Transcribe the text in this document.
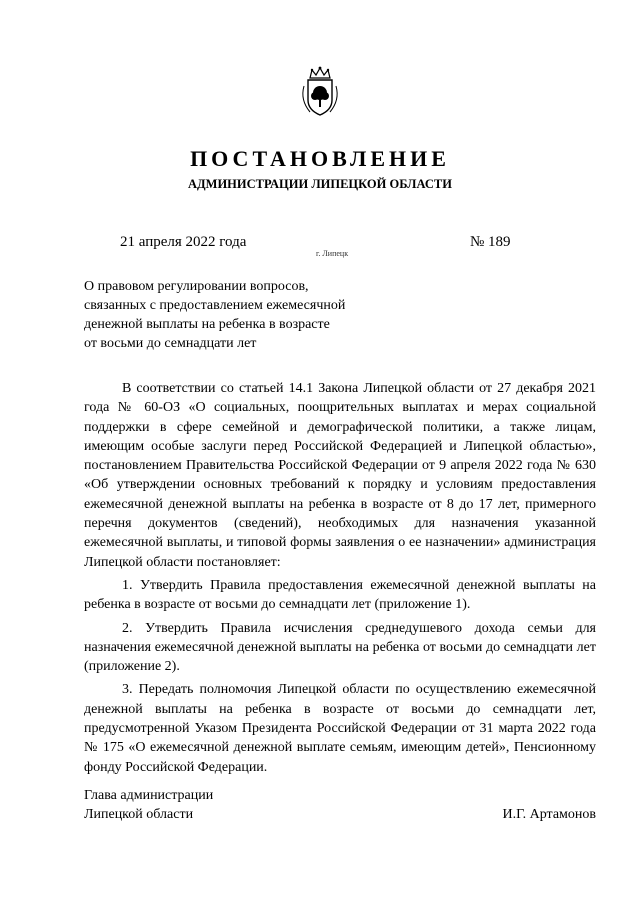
ПОСТАНОВЛЕНИЕ
АДМИНИСТРАЦИИ ЛИПЕЦКОЙ ОБЛАСТИ
21 апреля 2022 года
г. Липецк
№ 189
О правовом регулировании вопросов,
связанных с предоставлением ежемесячной
денежной выплаты на ребенка в возрасте
от восьми до семнадцати лет

В соответствии со статьей 14.1 Закона Липецкой области от 27 декабря 2021 года № 60-ОЗ «О социальных, поощрительных выплатах и мерах социальной поддержки в сфере семейной и демографической политики, а также лицам, имеющим особые заслуги перед Российской Федерацией и Липецкой областью», постановлением Правительства Российской Федерации от 9 апреля 2022 года № 630 «Об утверждении основных требований к порядку и условиям предоставления ежемесячной денежной выплаты на ребенка в возрасте от 8 до 17 лет, примерного перечня документов (сведений), необходимых для назначения указанной ежемесячной выплаты, и типовой формы заявления о ее назначении» администрация Липецкой области постановляет:

1. Утвердить Правила предоставления ежемесячной денежной выплаты на ребенка в возрасте от восьми до семнадцати лет (приложение 1).

2. Утвердить Правила исчисления среднедушевого дохода семьи для назначения ежемесячной денежной выплаты на ребенка от восьми до семнадцати лет (приложение 2).

3. Передать полномочия Липецкой области по осуществлению ежемесячной денежной выплаты на ребенка в возрасте от восьми до семнадцати лет, предусмотренной Указом Президента Российской Федерации от 31 марта 2022 года № 175 «О ежемесячной денежной выплате семьям, имеющим детей», Пенсионному фонду Российской Федерации.

Глава администрации
Липецкой области	И.Г. Артамонов
